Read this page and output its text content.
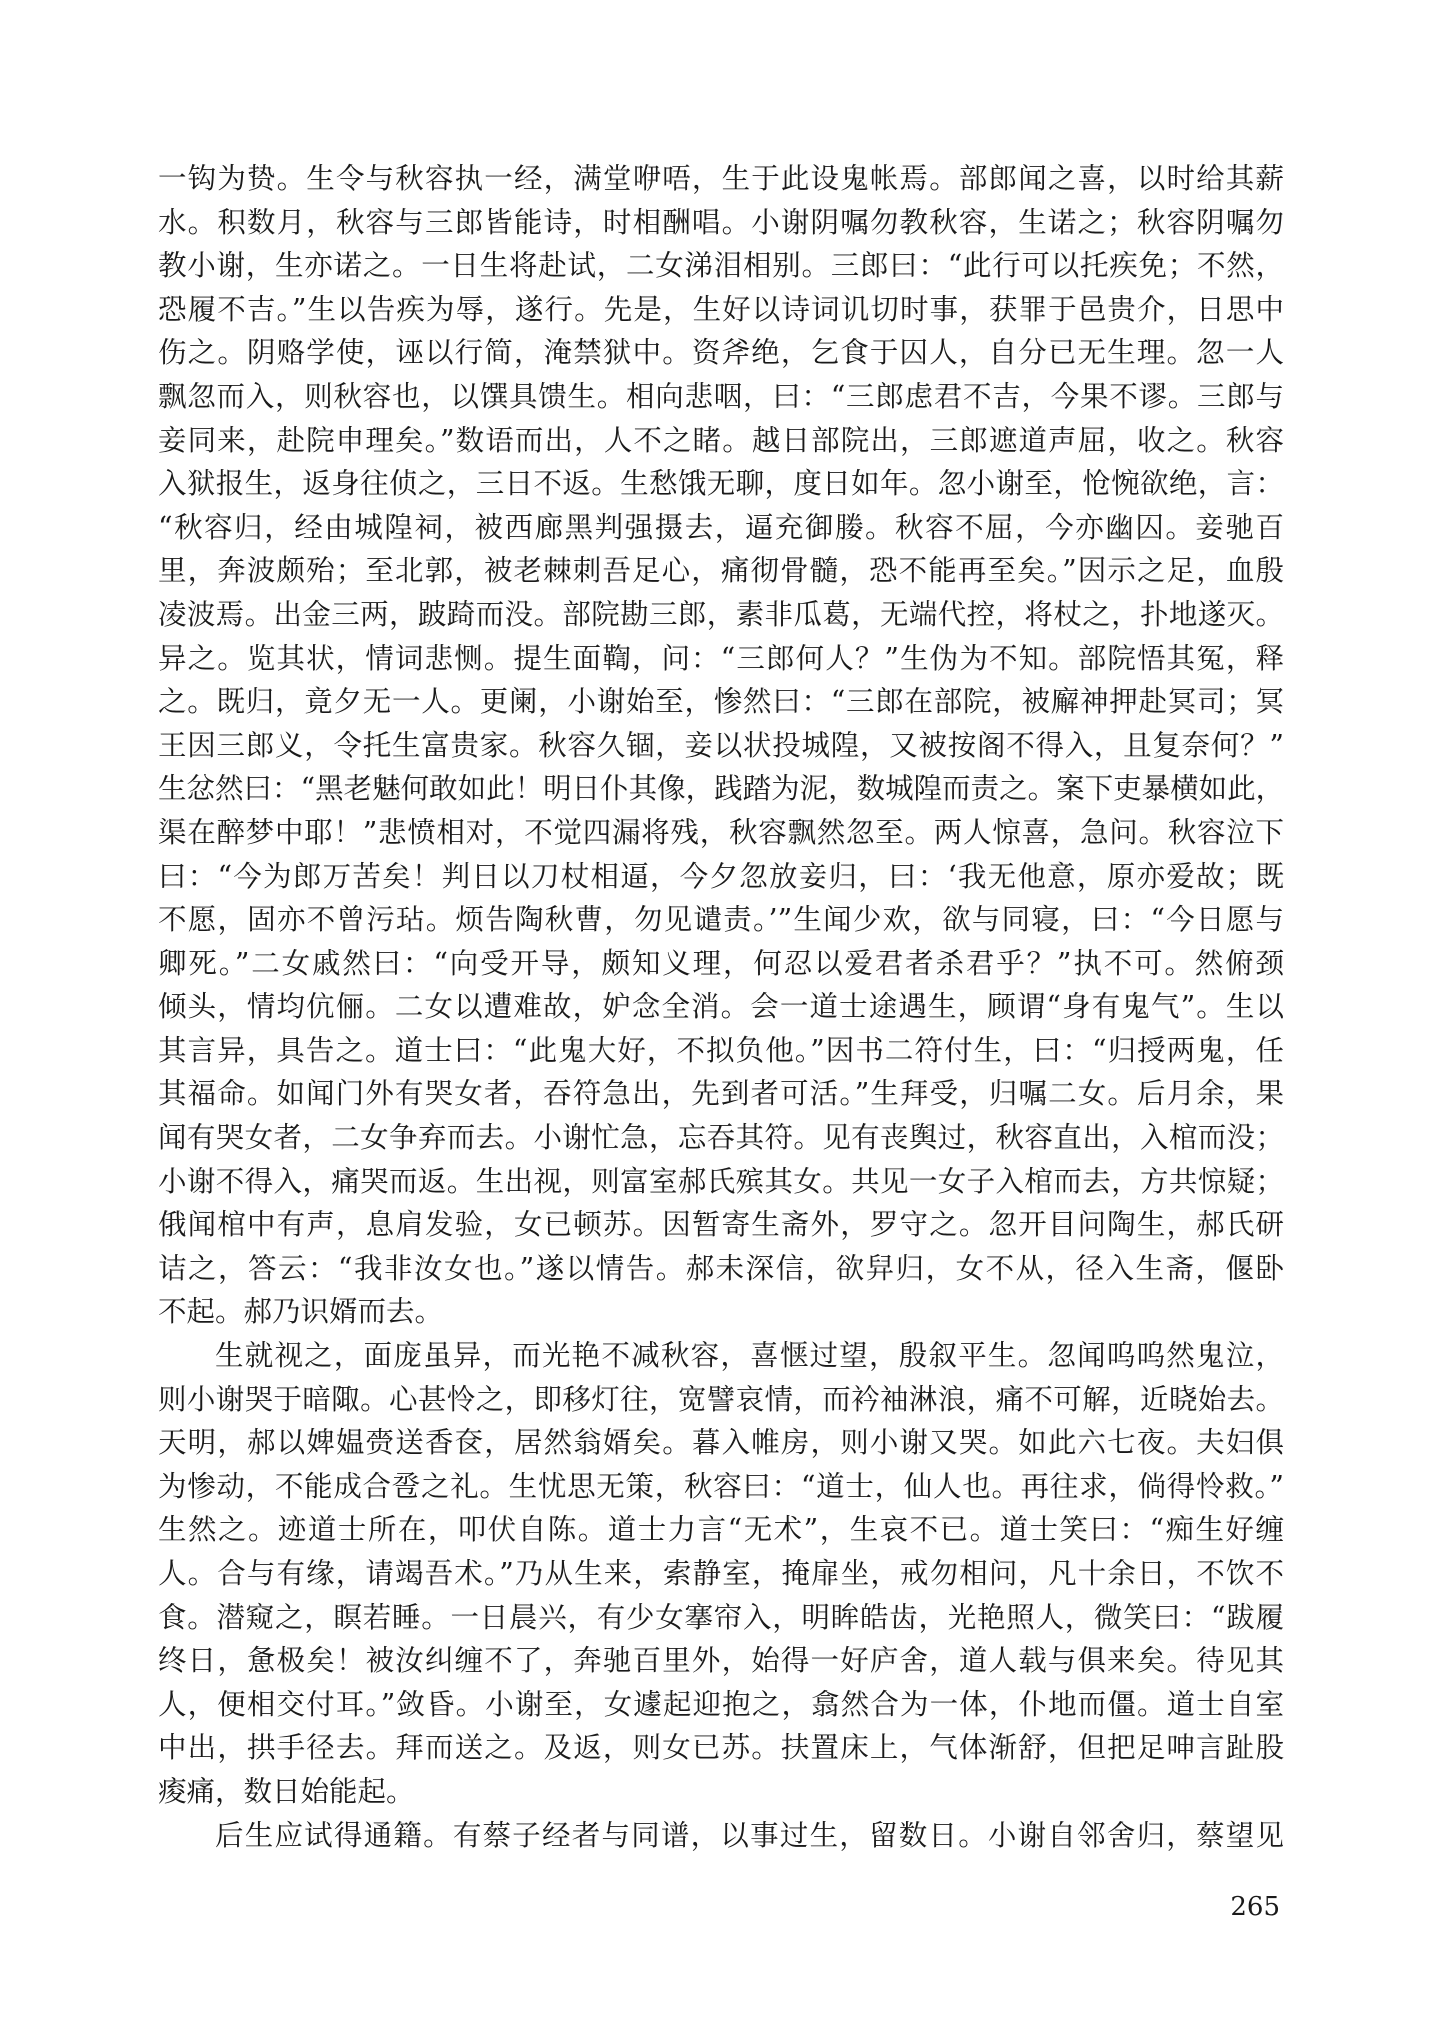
一钩为贽。生令与秋容执一经，满堂咿唔，生于此设鬼帐焉。部郎闻之喜，以时给其薪
水。积数月，秋容与三郎皆能诗，时相酬唱。小谢阴嘱勿教秋容，生诺之；秋容阴嘱勿
教小谢，生亦诺之。一日生将赴试，二女涕泪相别。三郎曰：“此行可以托疾免；不然，
恐履不吉。”生以告疾为辱，遂行。先是，生好以诗词讥切时事，获罪于邑贵介，日思中
伤之。阴赂学使，诬以行简，淹禁狱中。资斧绝，乞食于囚人，自分已无生理。忽一人
飘忽而入，则秋容也，以馔具馈生。相向悲咽，曰：“三郎虑君不吉，今果不谬。三郎与
妾同来，赴院申理矣。”数语而出，人不之睹。越日部院出，三郎遮道声屈，收之。秋容
入狱报生，返身往侦之，三日不返。生愁饿无聊，度日如年。忽小谢至，怆惋欲绝，言：
“秋容归，经由城隍祠，被西廊黑判强摄去，逼充御媵。秋容不屈，今亦幽囚。妾驰百
里，奔波颇殆；至北郭，被老棘刺吾足心，痛彻骨髓，恐不能再至矣。”因示之足，血殷
凌波焉。出金三两，跛踦而没。部院勘三郎，素非瓜葛，无端代控，将杖之，扑地遂灭。
异之。览其状，情词悲恻。提生面鞫，问：“三郎何人？”生伪为不知。部院悟其冤，释
之。既归，竟夕无一人。更阑，小谢始至，惨然曰：“三郎在部院，被廨神押赴冥司；冥
王因三郎义，令托生富贵家。秋容久锢，妾以状投城隍，又被按阁不得入，且复奈何？”
生忿然曰：“黑老魅何敢如此！明日仆其像，践踏为泥，数城隍而责之。案下吏暴横如此，
渠在醉梦中耶！”悲愤相对，不觉四漏将残，秋容飘然忽至。两人惊喜，急问。秋容泣下
曰：“今为郎万苦矣！判日以刀杖相逼，今夕忽放妾归，曰：‘我无他意，原亦爱故；既
不愿，固亦不曾污玷。烦告陶秋曹，勿见谴责。’”生闻少欢，欲与同寝，曰：“今日愿与
卿死。”二女戚然曰：“向受开导，颇知义理，何忍以爱君者杀君乎？”执不可。然俯颈
倾头，情均伉俪。二女以遭难故，妒念全消。会一道士途遇生，顾谓“身有鬼气”。生以
其言异，具告之。道士曰：“此鬼大好，不拟负他。”因书二符付生，曰：“归授两鬼，任
其福命。如闻门外有哭女者，吞符急出，先到者可活。”生拜受，归嘱二女。后月余，果
闻有哭女者，二女争弃而去。小谢忙急，忘吞其符。见有丧舆过，秋容直出，入棺而没；
小谢不得入，痛哭而返。生出视，则富室郝氏殡其女。共见一女子入棺而去，方共惊疑；
俄闻棺中有声，息肩发验，女已顿苏。因暂寄生斋外，罗守之。忽开目问陶生，郝氏研
诘之，答云：“我非汝女也。”遂以情告。郝未深信，欲舁归，女不从，径入生斋，偃卧
不起。郝乃识婿而去。
生就视之，面庞虽异，而光艳不减秋容，喜惬过望，殷叙平生。忽闻呜呜然鬼泣，
则小谢哭于暗陬。心甚怜之，即移灯往，宽譬哀情，而衿袖淋浪，痛不可解，近晓始去。
天明，郝以婢媪赍送香奁，居然翁婿矣。暮入帷房，则小谢又哭。如此六七夜。夫妇俱
为惨动，不能成合卺之礼。生忧思无策，秋容曰：“道士，仙人也。再往求，倘得怜救。”
生然之。迹道士所在，叩伏自陈。道士力言“无术”，生哀不已。道士笑曰：“痴生好缠
人。合与有缘，请竭吾术。”乃从生来，索静室，掩扉坐，戒勿相问，凡十余日，不饮不
食。潜窥之，瞑若睡。一日晨兴，有少女搴帘入，明眸皓齿，光艳照人，微笑曰：“跋履
终日，惫极矣！被汝纠缠不了，奔驰百里外，始得一好庐舍，道人载与俱来矣。待见其
人，便相交付耳。”敛昏。小谢至，女遽起迎抱之，翕然合为一体，仆地而僵。道士自室
中出，拱手径去。拜而送之。及返，则女已苏。扶置床上，气体渐舒，但把足呻言趾股
痠痛，数日始能起。
后生应试得通籍。有蔡子经者与同谱，以事过生，留数日。小谢自邻舍归，蔡望见
265
